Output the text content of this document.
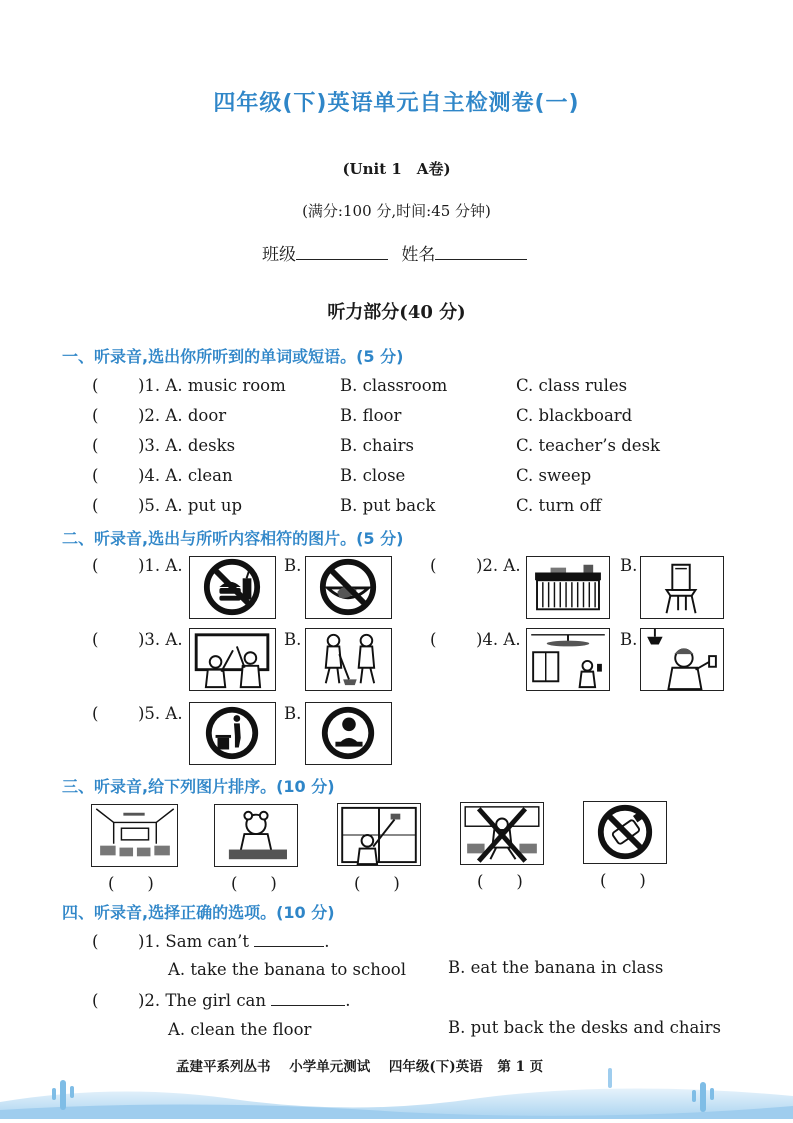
四年级(下)英语单元自主检测卷(一)
(Unit 1　A卷)
(满分:100 分,时间:45 分钟)
班级	姓名
听力部分(40 分)
一、听录音,选出你所听到的单词或短语。(5 分)
( )1. A. music room	B. classroom	C. class rules
( )2. A. door	B. floor	C. blackboard
( )3. A. desks	B. chairs	C. teacher’s desk
( )4. A. clean	B. close	C. sweep
( )5. A. put up	B. put back	C. turn off
二、听录音,选出与所听内容相符的图片。(5 分)
( )1. A.	B.	( )2. A.	B.
( )3. A.	B.	( )4. A.	B.
( )5. A.	B.
三、听录音,给下列图片排序。(10 分)
(　　)	(　　)	(　　)	(　　)	(　　)
四、听录音,选择正确的选项。(10 分)
( )1. Sam can’t	.
A. take the banana to school	B. eat the banana in class
( )2. The girl can	.
A. clean the floor	B. put back the desks and chairs
孟建平系列丛书 小学单元测试 四年级(下)英语 第 1 页
